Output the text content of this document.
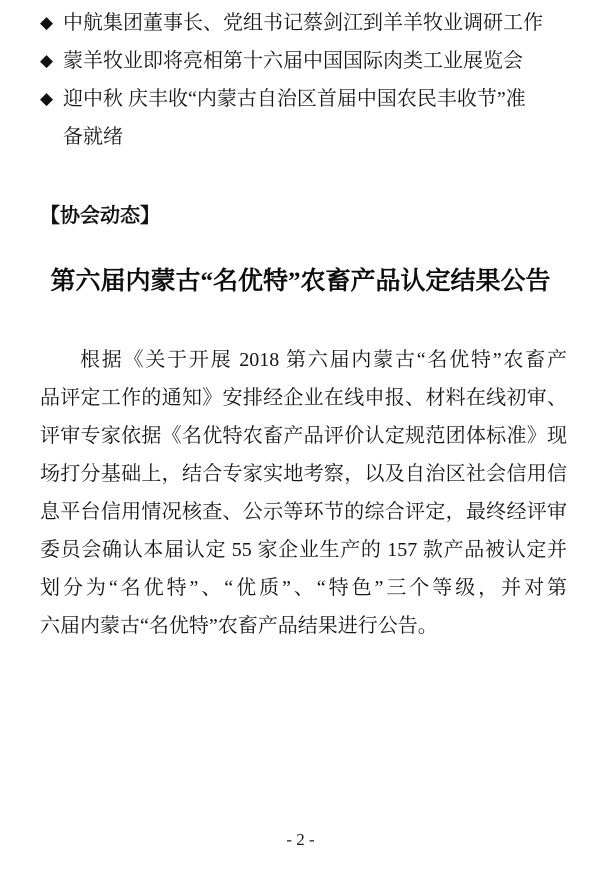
◆ 中航集团董事长、党组书记蔡剑江到羊羊牧业调研工作
◆ 蒙羊牧业即将亮相第十六届中国国际肉类工业展览会
◆ 迎中秋 庆丰收“内蒙古自治区首届中国农民丰收节”准
备就绪
【协会动态】
第六届内蒙古“名优特”农畜产品认定结果公告
根据《关于开展 2018 第六届内蒙古“名优特”农畜产
品评定工作的通知》安排经企业在线申报、材料在线初审、
评审专家依据《名优特农畜产品评价认定规范团体标准》现
场打分基础上，结合专家实地考察，以及自治区社会信用信
息平台信用情况核查、公示等环节的综合评定，最终经评审
委员会确认本届认定 55 家企业生产的 157 款产品被认定并
划分为“名优特”、“优质”、“特色”三个等级，并对第
六届内蒙古“名优特”农畜产品结果进行公告。
- 2 -
